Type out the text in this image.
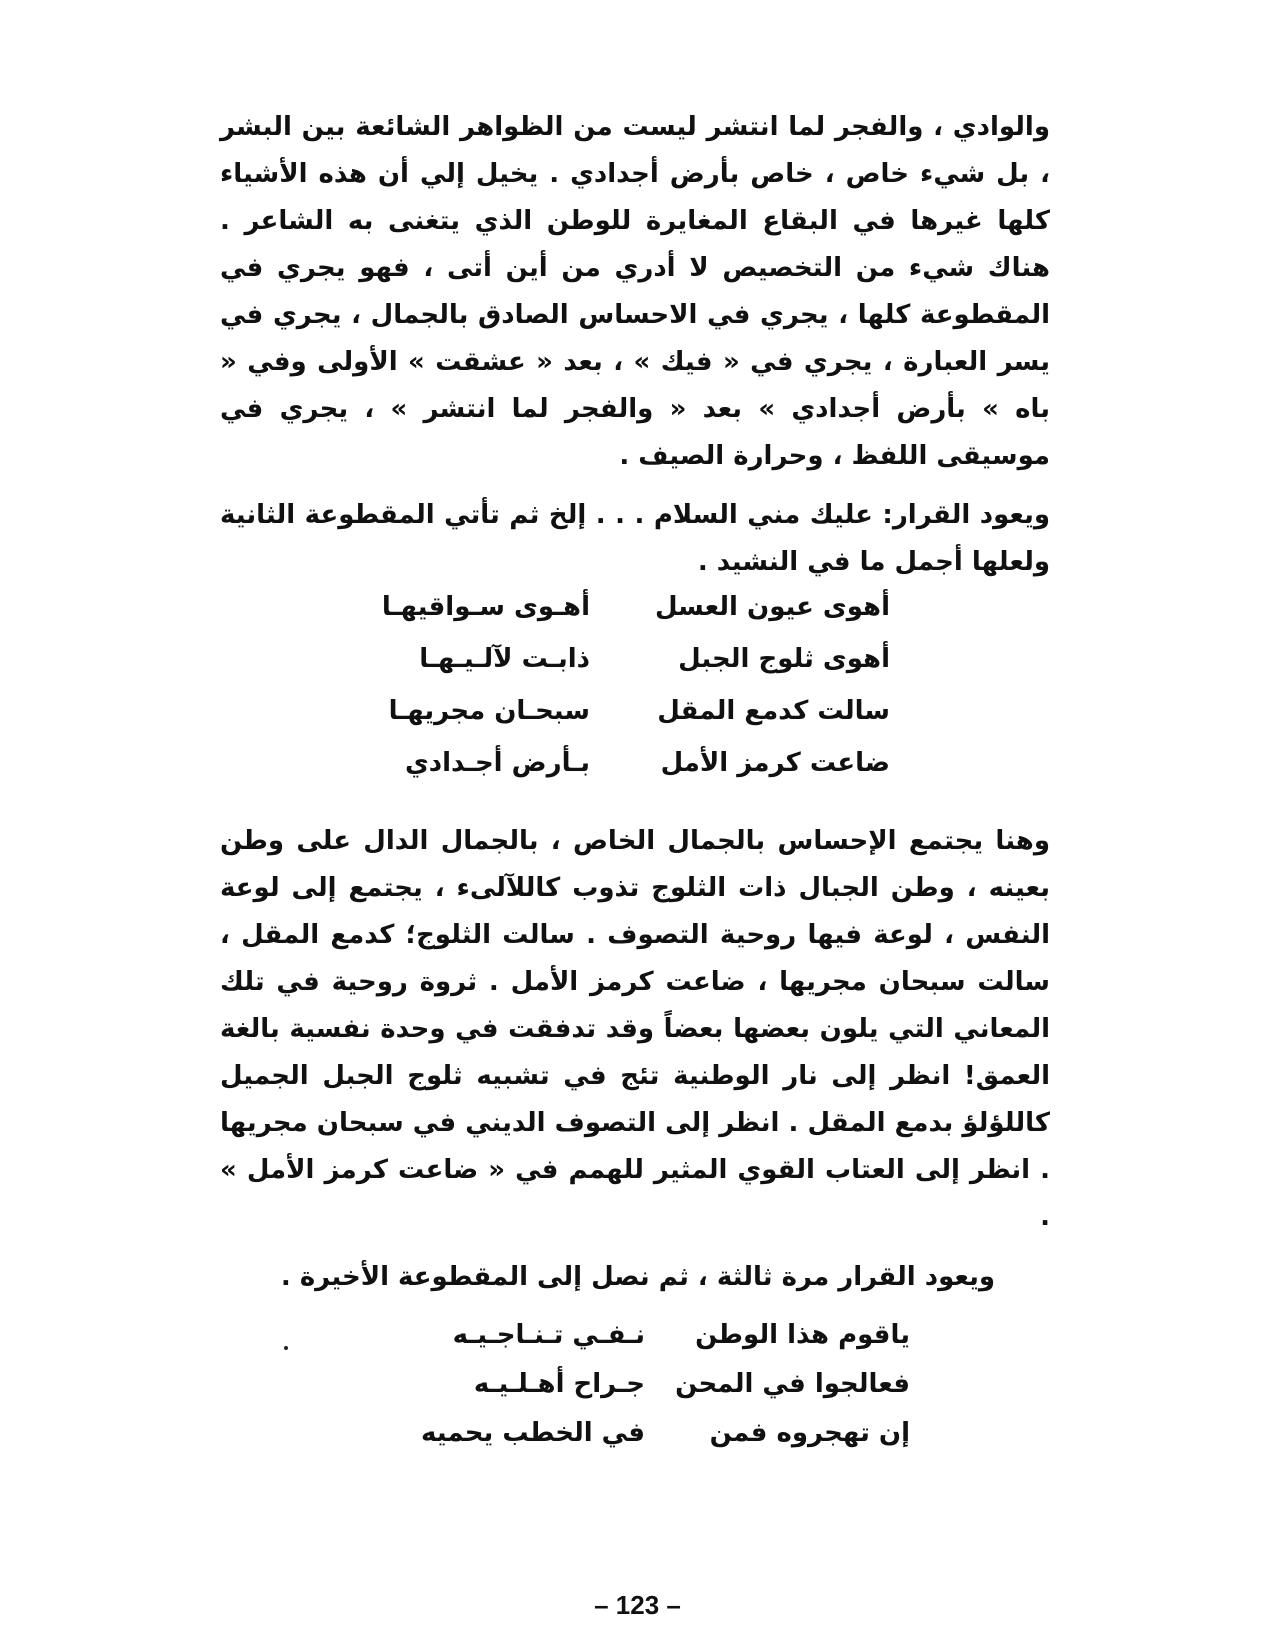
والوادي ، والفجر لما انتشر ليست من الظواهر الشائعة بين البشر ، بل شيء خاص ، خاص بأرض أجدادي . يخيل إلي أن هذه الأشياء كلها غيرها في البقاع المغايرة للوطن الذي يتغنى به الشاعر . هناك شيء من التخصيص لا أدري من أين أتى ، فهو يجري في المقطوعة كلها ، يجري في الاحساس الصادق بالجمال ، يجري في يسر العبارة ، يجري في « فيك » ، بعد « عشقت » الأولى وفي « باه » بأرض أجدادي » بعد « والفجر لما انتشر » ، يجري في موسيقى اللفظ ، وحرارة الصيف .

ويعود القرار: عليك مني السلام . . . إلخ ثم تأتي المقطوعة الثانية ولعلها أجمل ما في النشيد .

أهوى عيون العسل
أهـوى سـواقيهـا
أهوى ثلوج الجبل
ذابـت لآلـيـهـا
سالت كدمع المقل
سبحـان مجريهـا
ضاعت كرمز الأمل
بـأرض أجـدادي

وهنا يجتمع الإحساس بالجمال الخاص ، بالجمال الدال على وطن بعينه ، وطن الجبال ذات الثلوج تذوب كاللآلىء ، يجتمع إلى لوعة النفس ، لوعة فيها روحية التصوف . سالت الثلوج؛ كدمع المقل ، سالت سبحان مجريها ، ضاعت كرمز الأمل . ثروة روحية في تلك المعاني التي يلون بعضها بعضاً وقد تدفقت في وحدة نفسية بالغة العمق! انظر إلى نار الوطنية تئج في تشبيه ثلوج الجبل الجميل كاللؤلؤ بدمع المقل . انظر إلى التصوف الديني في سبحان مجريها . انظر إلى العتاب القوي المثير للهمم في « ضاعت كرمز الأمل » .

ويعود القرار مرة ثالثة ، ثم نصل إلى المقطوعة الأخيرة .
ياقوم هذا الوطن
نـفـي تـنـاجـيـه
فعالجوا في المحن
جـراح أهـلـيـه
إن تهجروه فمن
في الخطب يحميه
– 123 –
